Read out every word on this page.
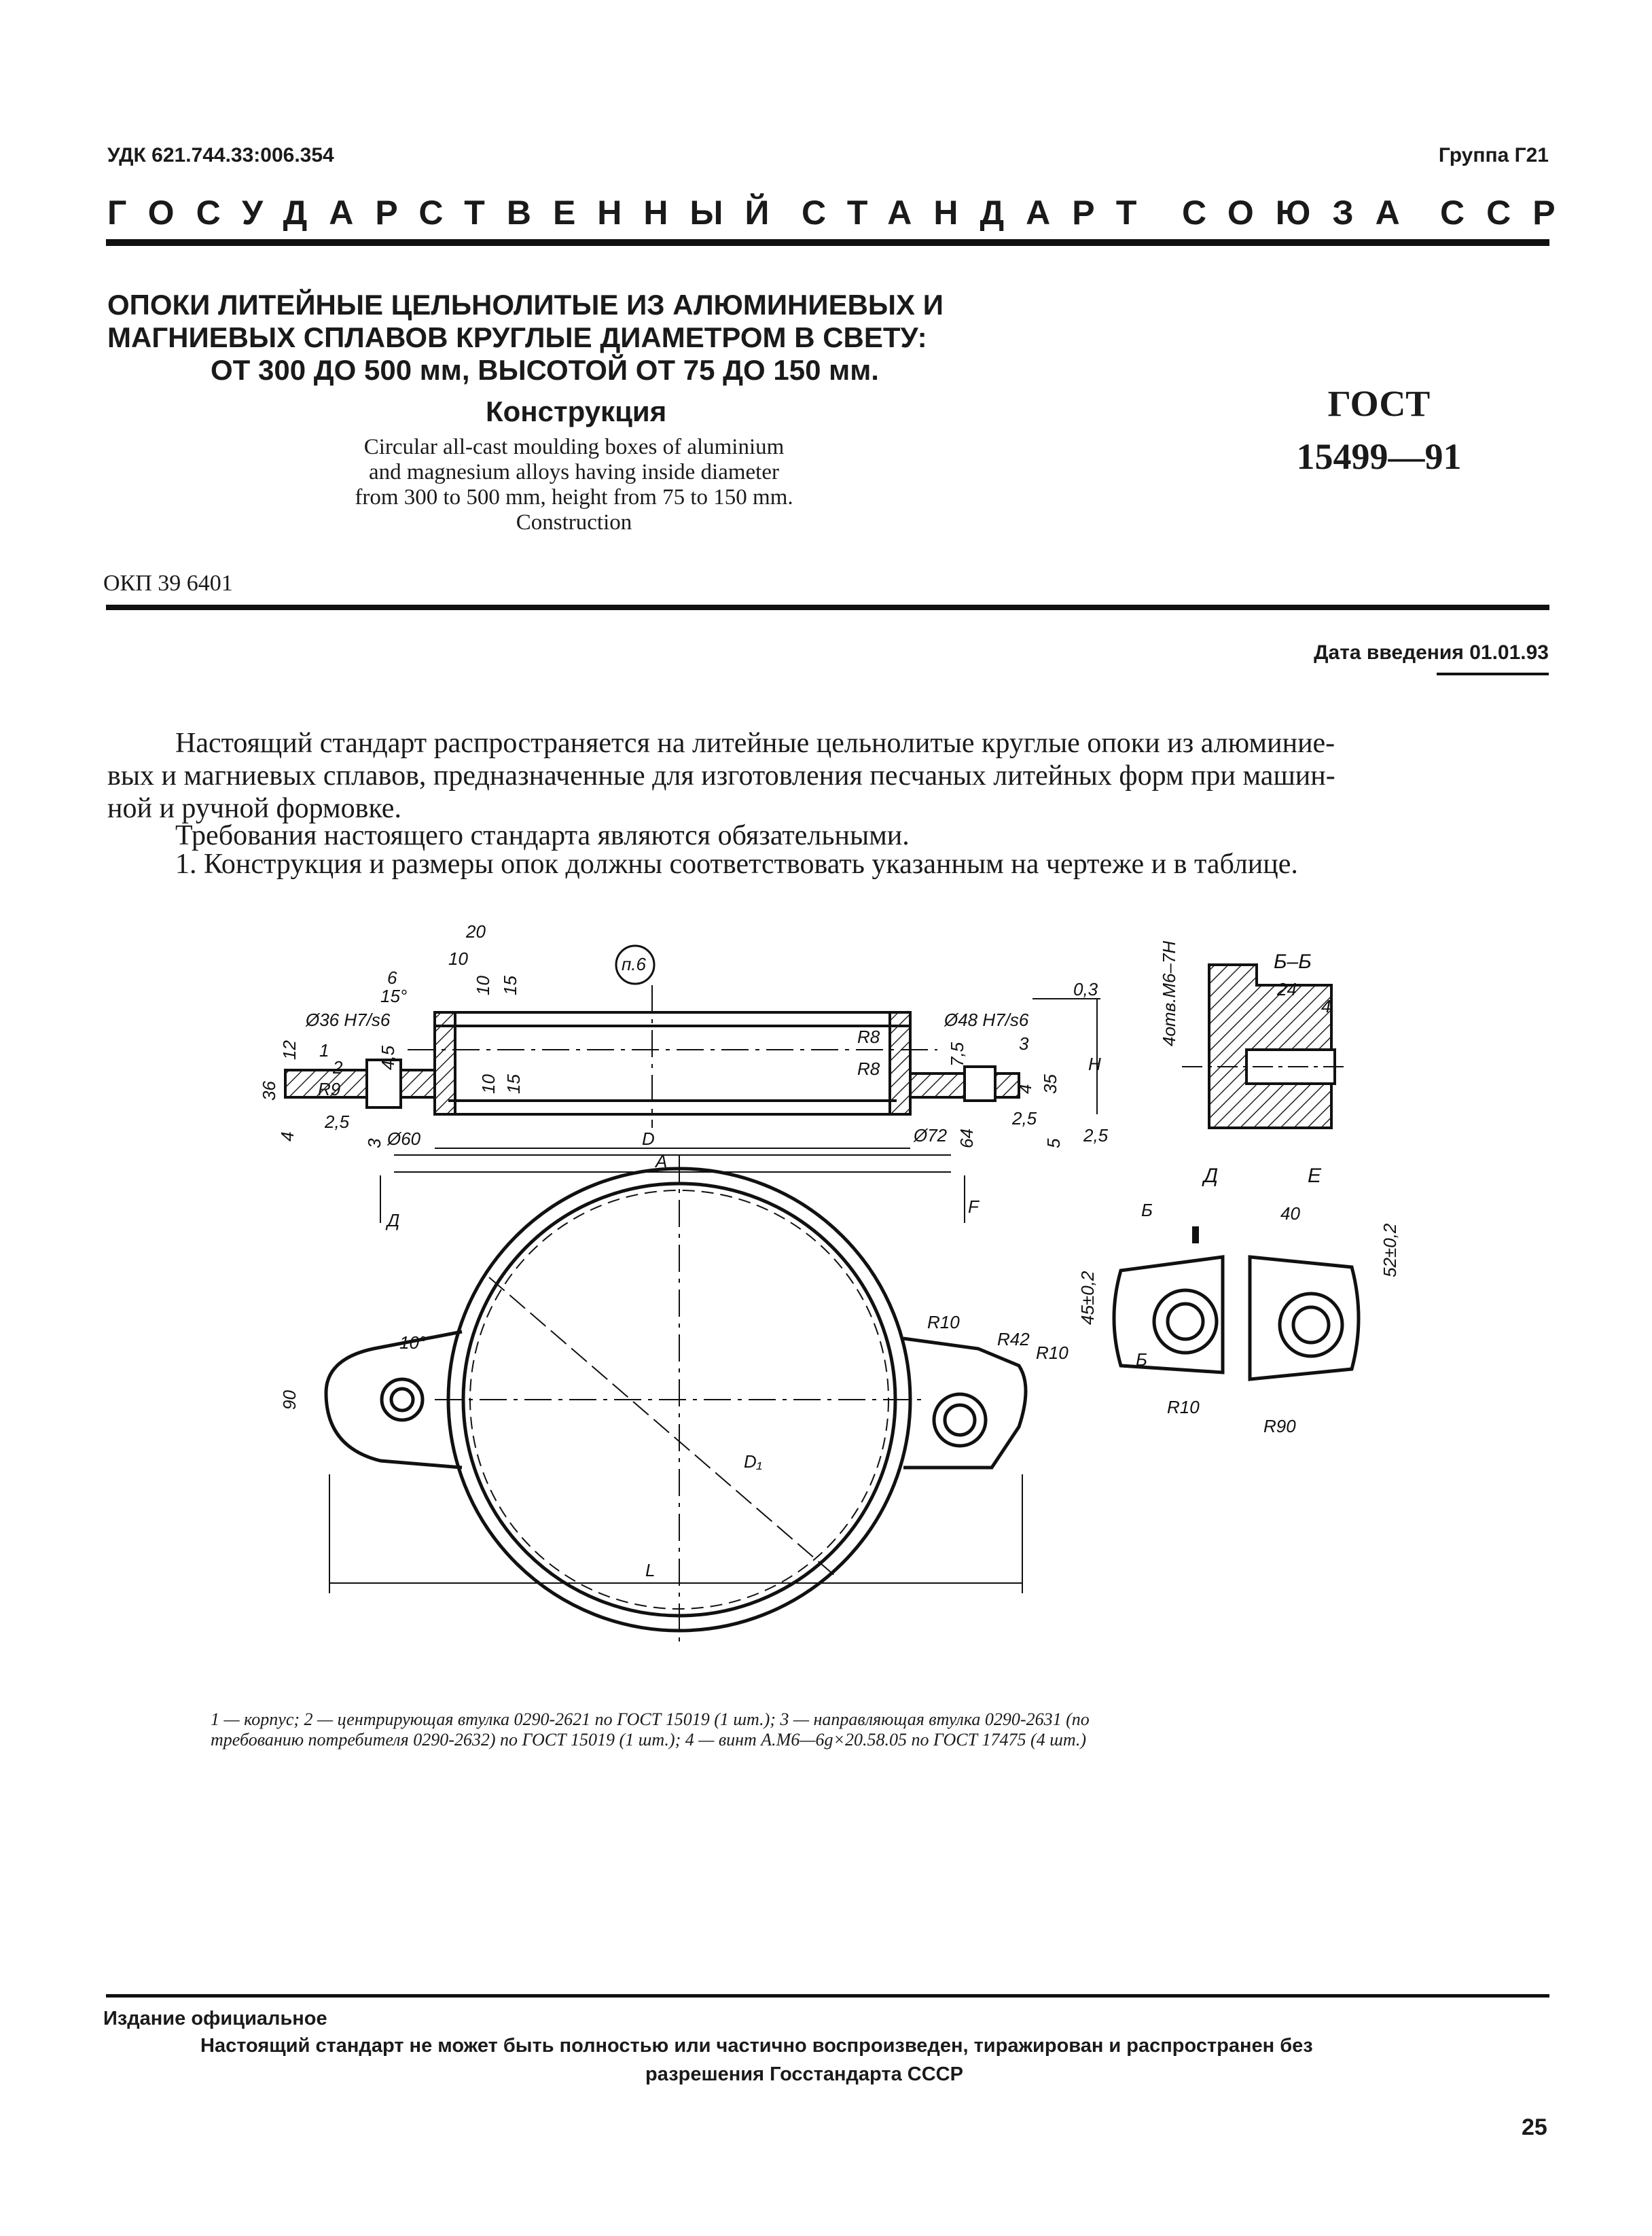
УДК 621.744.33:006.354	Группа Г21
ГОСУДАРСТВЕННЫЙ СТАНДАРТ СОЮЗА ССР
ОПОКИ ЛИТЕЙНЫЕ ЦЕЛЬНОЛИТЫЕ ИЗ АЛЮМИНИЕВЫХ И
МАГНИЕВЫХ СПЛАВОВ КРУГЛЫЕ ДИАМЕТРОМ В СВЕТУ:
ОТ 300 ДО 500 мм, ВЫСОТОЙ ОТ 75 ДО 150 мм.
Конструкция
Circular all-cast moulding boxes of aluminium
and magnesium alloys having inside diameter
from 300 to 500 mm, height from 75 to 150 mm.
Construction
ГОСТ
15499—91
ОКП 39 6401
Дата введения 01.01.93
Настоящий стандарт распространяется на литейные цельнолитые круглые опоки из алюминие-
вых и магниевых сплавов, предназначенные для изготовления песчаных литейных форм при машин-
ной и ручной формовке.
Требования настоящего стандарта являются обязательными.
1. Конструкция и размеры опок должны соответствовать указанным на чертеже и в таблице.
20
10
6
15°
10 15
п.6
0,3
Ø48 H7/s6
Ø36 H7/s6
12 1
2 4,5	7,5
R8
R8
3
H
36 R9	10 15
4
2,5
3 Ø60	D	Ø72 64	5
2,5
2,5
4 35
A
F
Д
10°
90
R10
R42
R10
D₁
L
4отв.М6–7Н	Б–Б
24
4
Д	Е
Б
Б
40
45±0,2
52±0,2
R10
R90
1 — корпус; 2 — центрирующая втулка 0290-2621 по ГОСТ 15019 (1 шт.); 3 — направляющая втулка 0290-2631 (по
требованию потребителя 0290-2632) по ГОСТ 15019 (1 шт.); 4 — винт А.М6—6g×20.58.05 по ГОСТ 17475 (4 шт.)
Издание официальное
Настоящий стандарт не может быть полностью или частично воспроизведен, тиражирован и распространен без
разрешения Госстандарта СССР
25
